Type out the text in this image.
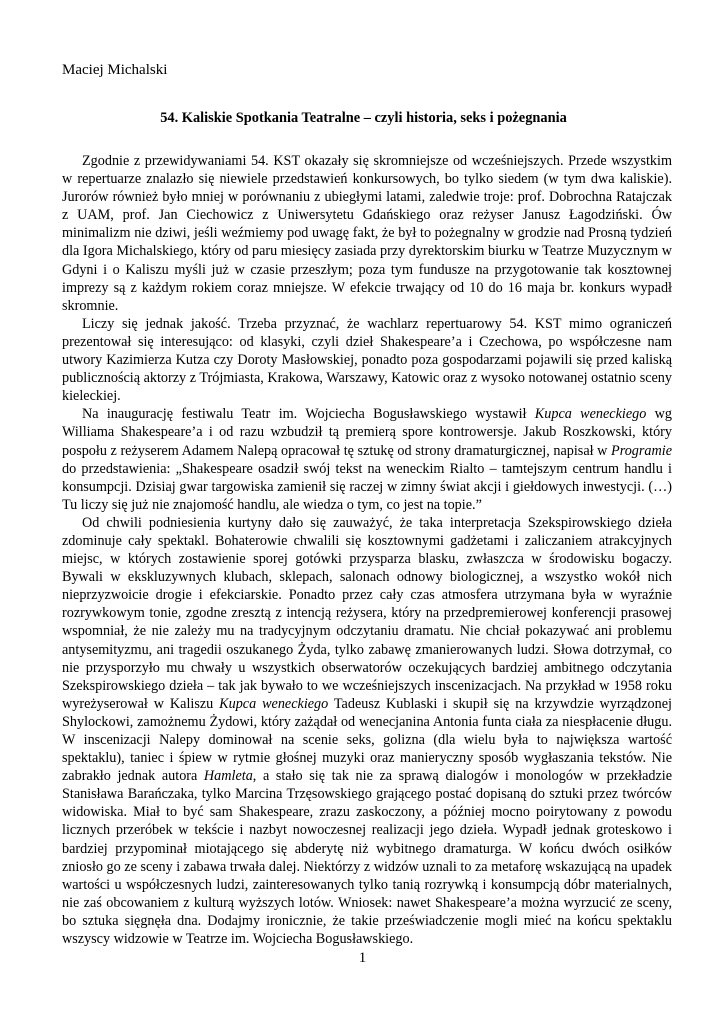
Maciej Michalski

54. Kaliskie Spotkania Teatralne – czyli historia, seks i pożegnania

Zgodnie z przewidywaniami 54. KST okazały się skromniejsze od wcześniejszych. Przede wszystkim w repertuarze znalazło się niewiele przedstawień konkursowych, bo tylko siedem (w tym dwa kaliskie). Jurorów również było mniej w porównaniu z ubiegłymi latami, zaledwie troje: prof. Dobrochna Ratajczak z UAM, prof. Jan Ciechowicz z Uniwersytetu Gdańskiego oraz reżyser Janusz Łagodziński. Ów minimalizm nie dziwi, jeśli weźmiemy pod uwagę fakt, że był to pożegnalny w grodzie nad Prosną tydzień dla Igora Michalskiego, który od paru miesięcy zasiada przy dyrektorskim biurku w Teatrze Muzycznym w Gdyni i o Kaliszu myśli już w czasie przeszłym; poza tym fundusze na przygotowanie tak kosztownej imprezy są z każdym rokiem coraz mniejsze. W efekcie trwający od 10 do 16 maja br. konkurs wypadł skromnie.

Liczy się jednak jakość. Trzeba przyznać, że wachlarz repertuarowy 54. KST mimo ograniczeń prezentował się interesująco: od klasyki, czyli dzieł Shakespeare’a i Czechowa, po współczesne nam utwory Kazimierza Kutza czy Doroty Masłowskiej, ponadto poza gospodarzami pojawili się przed kaliską publicznością aktorzy z Trójmiasta, Krakowa, Warszawy, Katowic oraz z wysoko notowanej ostatnio sceny kieleckiej.

Na inaugurację festiwalu Teatr im. Wojciecha Bogusławskiego wystawił Kupca weneckiego wg Williama Shakespeare’a i od razu wzbudził tą premierą spore kontrowersje. Jakub Roszkowski, który pospołu z reżyserem Adamem Nalepą opracował tę sztukę od strony dramaturgicznej, napisał w Programie do przedstawienia: „Shakespeare osadził swój tekst na weneckim Rialto – tamtejszym centrum handlu i konsumpcji. Dzisiaj gwar targowiska zamienił się raczej w zimny świat akcji i giełdowych inwestycji. (…) Tu liczy się już nie znajomość handlu, ale wiedza o tym, co jest na topie.”

Od chwili podniesienia kurtyny dało się zauważyć, że taka interpretacja Szekspirowskiego dzieła zdominuje cały spektakl. Bohaterowie chwalili się kosztownymi gadżetami i zaliczaniem atrakcyjnych miejsc, w których zostawienie sporej gotówki przysparza blasku, zwłaszcza w środowisku bogaczy. Bywali w ekskluzywnych klubach, sklepach, salonach odnowy biologicznej, a wszystko wokół nich nieprzyzwoicie drogie i efekciarskie. Ponadto przez cały czas atmosfera utrzymana była w wyraźnie rozrywkowym tonie, zgodne zresztą z intencją reżysera, który na przedpremierowej konferencji prasowej wspomniał, że nie zależy mu na tradycyjnym odczytaniu dramatu. Nie chciał pokazywać ani problemu antysemityzmu, ani tragedii oszukanego Żyda, tylko zabawę zmanierowanych ludzi. Słowa dotrzymał, co nie przysporzyło mu chwały u wszystkich obserwatorów oczekujących bardziej ambitnego odczytania Szekspirowskiego dzieła – tak jak bywało to we wcześniejszych inscenizacjach. Na przykład w 1958 roku wyreżyserował w Kaliszu Kupca weneckiego Tadeusz Kublaski i skupił się na krzywdzie wyrządzonej Shylockowi, zamożnemu Żydowi, który zażądał od wenecjanina Antonia funta ciała za niespłacenie długu. W inscenizacji Nalepy dominował na scenie seks, golizna (dla wielu była to największa wartość spektaklu), taniec i śpiew w rytmie głośnej muzyki oraz manieryczny sposób wygłaszania tekstów. Nie zabrakło jednak autora Hamleta, a stało się tak nie za sprawą dialogów i monologów w przekładzie Stanisława Barańczaka, tylko Marcina Trzęsowskiego grającego postać dopisaną do sztuki przez twórców widowiska. Miał to być sam Shakespeare, zrazu zaskoczony, a później mocno poirytowany z powodu licznych przeróbek w tekście i nazbyt nowoczesnej realizacji jego dzieła. Wypadł jednak groteskowo i bardziej przypominał miotającego się abderytę niż wybitnego dramaturga. W końcu dwóch osiłków zniosło go ze sceny i zabawa trwała dalej. Niektórzy z widzów uznali to za metaforę wskazującą na upadek wartości u współczesnych ludzi, zainteresowanych tylko tanią rozrywką i konsumpcją dóbr materialnych, nie zaś obcowaniem z kulturą wyższych lotów. Wniosek: nawet Shakespeare’a można wyrzucić ze sceny, bo sztuka sięgnęła dna. Dodajmy ironicznie, że takie przeświadczenie mogli mieć na końcu spektaklu wszyscy widzowie w Teatrze im. Wojciecha Bogusławskiego.

1
